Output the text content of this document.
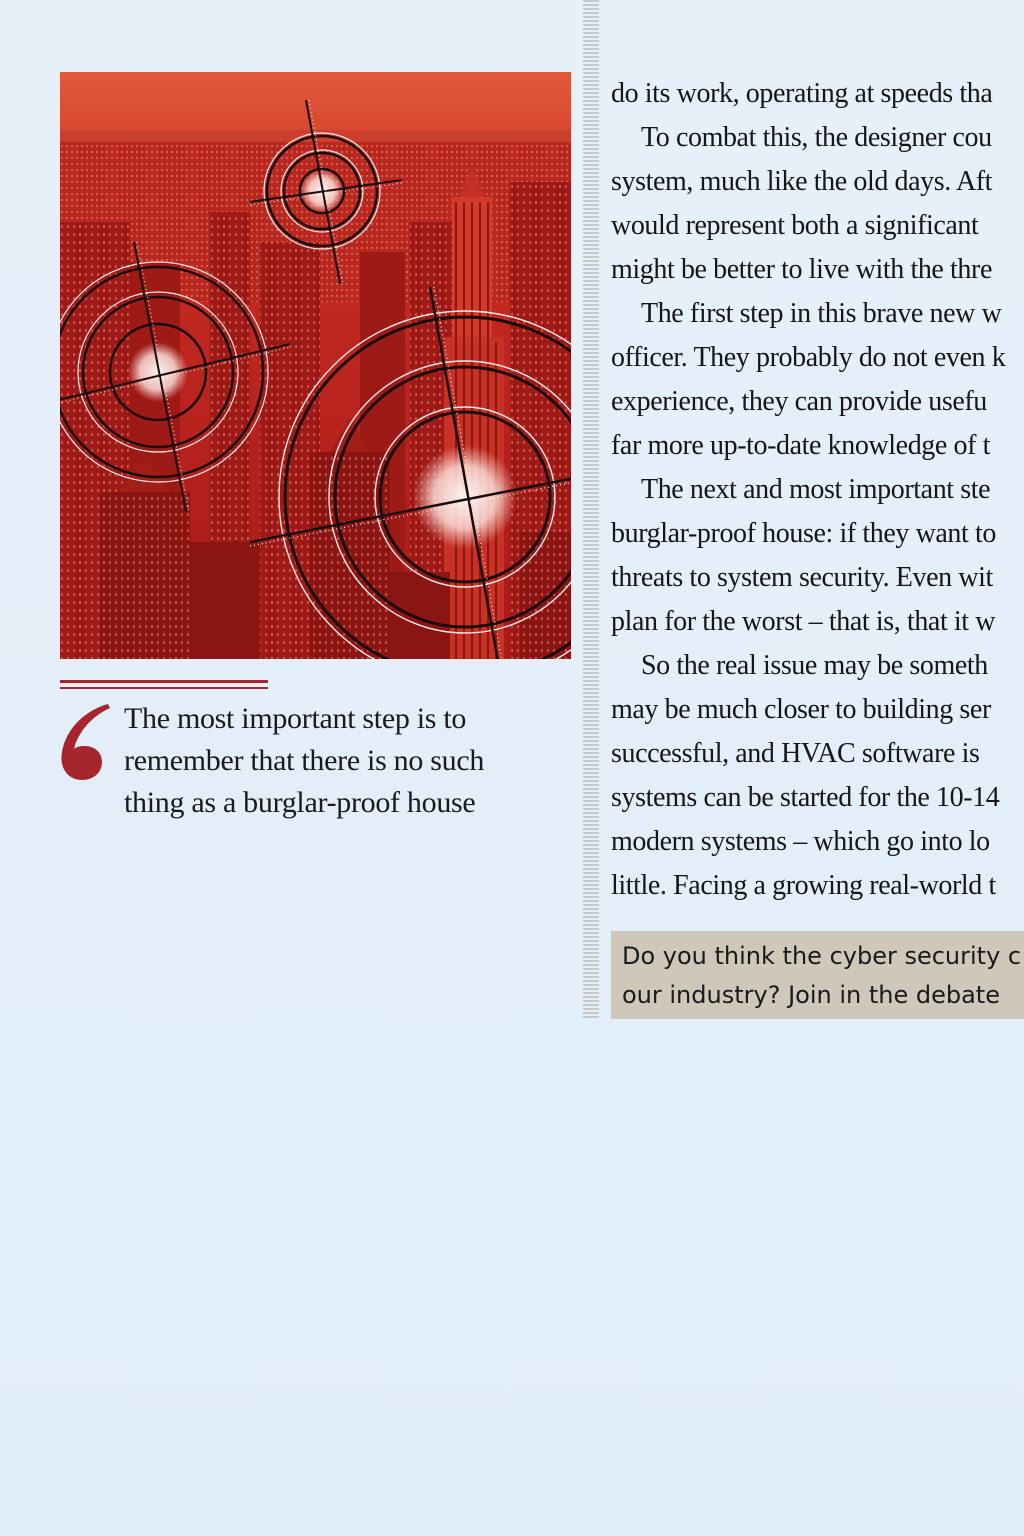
The most important step is to
remember that there is no such
thing as a burglar-proof house
do its work, operating at speeds tha
To combat this, the designer cou
system, much like the old days. Aft
would represent both a significant
might be better to live with the thre
The first step in this brave new w
officer. They probably do not even k
experience, they can provide usefu
far more up-to-date knowledge of t
The next and most important ste
burglar-proof house: if they want to
threats to system security. Even wit
plan for the worst – that is, that it w
So the real issue may be someth
may be much closer to building ser
successful, and HVAC software is
systems can be started for the 10-14
modern systems – which go into lo
little. Facing a growing real-world t
Do you think the cyber security c
our industry? Join in the debate
